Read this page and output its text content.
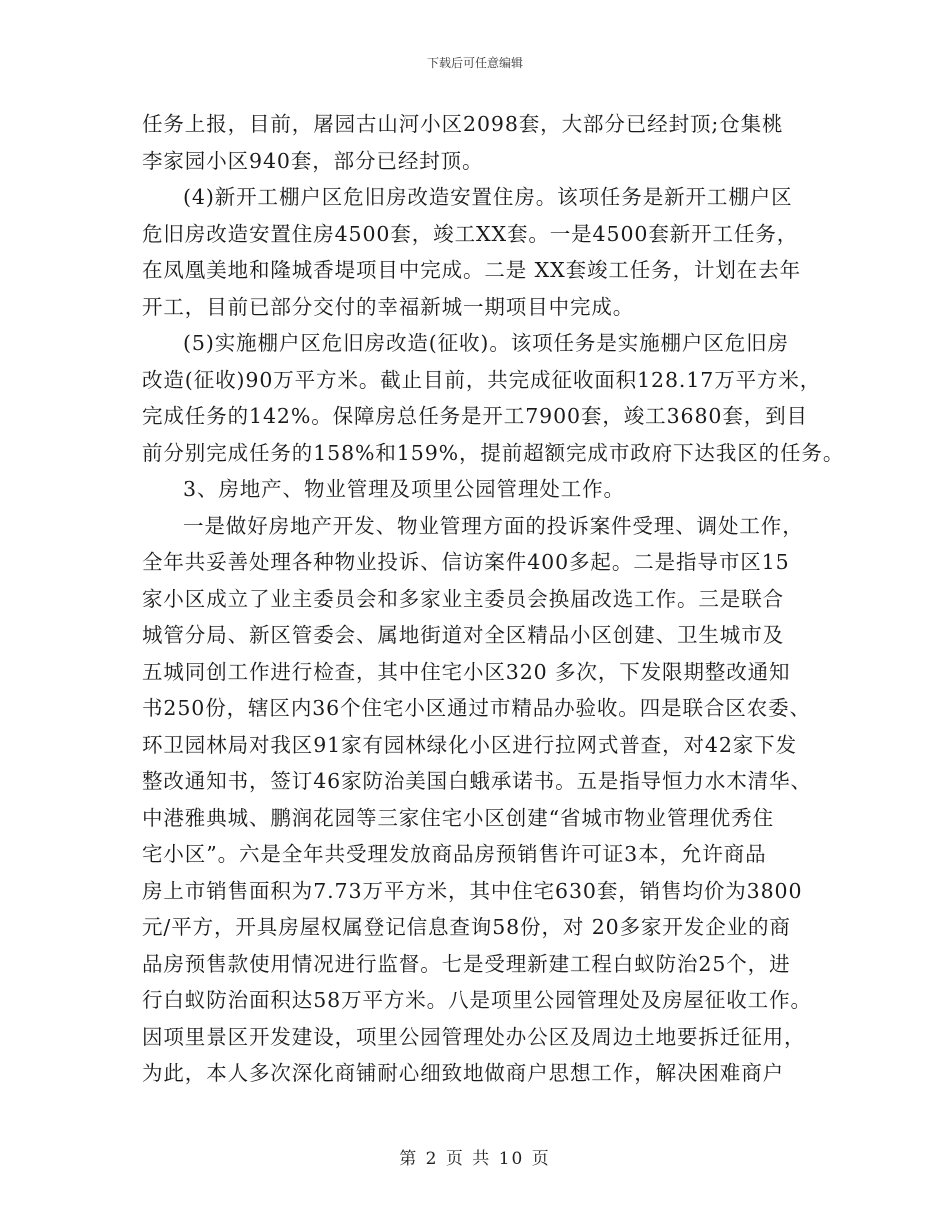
下载后可任意编辑
任务上报，目前，屠园古山河小区2098套，大部分已经封顶;仓集桃
李家园小区940套，部分已经封顶。
(4)新开工棚户区危旧房改造安置住房。该项任务是新开工棚户区
危旧房改造安置住房4500套，竣工XX套。一是4500套新开工任务，
在凤凰美地和隆城香堤项目中完成。二是 XX套竣工任务，计划在去年
开工，目前已部分交付的幸福新城一期项目中完成。
(5)实施棚户区危旧房改造(征收)。该项任务是实施棚户区危旧房
改造(征收)90万平方米。截止目前，共完成征收面积128.17万平方米，
完成任务的142%。保障房总任务是开工7900套，竣工3680套，到目
前分别完成任务的158%和159%，提前超额完成市政府下达我区的任务。
3、房地产、物业管理及项里公园管理处工作。
一是做好房地产开发、物业管理方面的投诉案件受理、调处工作，
全年共妥善处理各种物业投诉、信访案件400多起。二是指导市区15
家小区成立了业主委员会和多家业主委员会换届改选工作。三是联合
城管分局、新区管委会、属地街道对全区精品小区创建、卫生城市及
五城同创工作进行检查，其中住宅小区320 多次，下发限期整改通知
书250份，辖区内36个住宅小区通过市精品办验收。四是联合区农委、
环卫园林局对我区91家有园林绿化小区进行拉网式普查，对42家下发
整改通知书，签订46家防治美国白蛾承诺书。五是指导恒力水木清华、
中港雅典城、鹏润花园等三家住宅小区创建“省城市物业管理优秀住
宅小区”。六是全年共受理发放商品房预销售许可证3本，允许商品
房上市销售面积为7.73万平方米，其中住宅630套，销售均价为3800
元/平方，开具房屋权属登记信息查询58份，对 20多家开发企业的商
品房预售款使用情况进行监督。七是受理新建工程白蚁防治25个，进
行白蚁防治面积达58万平方米。八是项里公园管理处及房屋征收工作。
因项里景区开发建设，项里公园管理处办公区及周边土地要拆迁征用，
为此，本人多次深化商铺耐心细致地做商户思想工作，解决困难商户
第 2 页 共 10 页
